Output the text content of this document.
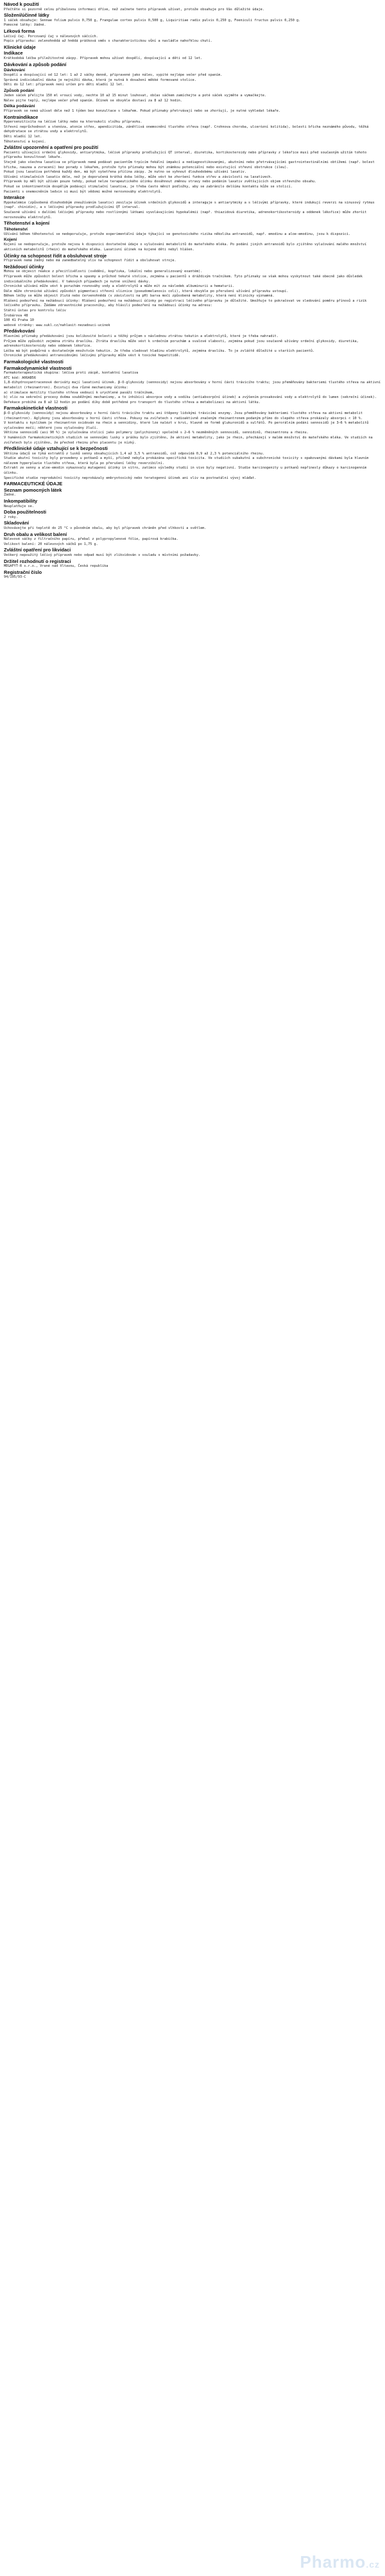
Návod k použití
Přečtěte si pozorně celou příbalovou informaci dříve, než začnete tento přípravek užívat, protože obsahuje pro Vás důležité údaje.
Složení/účinné látky
1 sáček obsahuje: Sennae folium pulvis 0,750 g, Frangulae cortex pulvis 0,500 g, Liquiritiae radix pulvis 0,250 g, Foeniculi fructus pulvis 0,250 g.
Pomocné látky: žádné.
Léková forma
Léčivý čaj. Porcovaný čaj v nálevových sáčcích.
Popis přípravku: zelenohnědá až hnědá prášková směs s charakteristickou vůní a nasládle nahořklou chutí.
Klinické údaje
Indikace
Krátkodobá léčba příležitostné zácpy. Přípravek mohou užívat dospělí, dospívající a děti od 12 let.
Dávkování a způsob podání
Dávkování
Dospělí a dospívající od 12 let: 1 až 2 sáčky denně, připravené jako nálev, vypité nejlépe večer před spaním.
Správná individuální dávka je nejnižší dávka, která je nutná k dosažení měkké formované stolice.
Děti do 12 let: přípravek není určen pro děti mladší 12 let.
Způsob podání
Jeden sáček přelijte 150 ml vroucí vody, nechte 10 až 15 minut louhovat, občas sáčkem zamíchejte a poté sáček vyjměte a vymačkejte.
Nálev pijte teplý, nejlépe večer před spaním. Účinek se obvykle dostaví za 8 až 12 hodin.
Délka podávání
Přípravek se nemá užívat déle než 1 týden bez konzultace s lékařem. Pokud příznaky přetrvávají nebo se zhoršují, je nutné vyhledat lékaře.
Kontraindikace
Hypersenzitivita na léčivé látky nebo na kteroukoli složku přípravku.
Střevní neprůchodnost a stenóza, atonie střev, apendicitida, zánětlivá onemocnění tlustého střeva (např. Crohnova choroba, ulcerózní kolitida), bolesti břicha neznámého původu, těžká dehydratace se ztrátou vody a elektrolytů.
Děti mladší 12 let.
Těhotenství a kojení.
Zvláštní upozornění a opatření pro použití
Pacienti užívající srdeční glykosidy, antiarytmika, léčivé přípravky prodlužující QT interval, diuretika, kortikosteroidy nebo přípravky z lékořice musí před současným užitím tohoto přípravku konzultovat lékaře.
Stejně jako všechna laxativa se přípravek nemá podávat pacientům trpícím fekální impakcí a nediagnostikovanými, akutními nebo přetrvávajícími gastrointestinálními obtížemi (např. bolest břicha, nauzea a zvracení) bez porady s lékařem, protože tyto příznaky mohou být známkou potenciální nebo existující střevní obstrukce (ileu).
Pokud jsou laxativa potřebná každý den, má být vyšetřena příčina zácpy. Je nutno se vyhnout dlouhodobému užívání laxativ.
Užívání stimulačních laxativ déle, než je doporučená krátká doba léčby, může vést ke zhoršení funkce střev a závislosti na laxativech.
Přípravek by měl být užíván pouze tehdy, pokud nelze terapeutického účinku dosáhnout změnou stravy nebo podáním laxativ zvětšujících objem střevního obsahu.
Pokud se inkontinentním dospělým podávají stimulační laxativa, je třeba často měnit podložky, aby se zabránilo delšímu kontaktu kůže se stolicí.
Pacienti s onemocněním ledvin si musí být vědomi možné nerovnováhy elektrolytů.
Interakce
Hypokalémie (způsobená dlouhodobým zneužíváním laxativ) zesiluje účinek srdečních glykosidů a interaguje s antiarytmiky a s léčivými přípravky, které indukují reverzi na sinusový rytmus (např. chinidin), a s léčivými přípravky prodlužujícími QT interval.
Současné užívání s dalšími léčivými přípravky nebo rostlinnými látkami vyvolávajícími hypokalémii (např. thiazidová diuretika, adrenokortikosteroidy a oddenek lékořice) může zhoršit nerovnováhu elektrolytů.
Těhotenství a kojení
Těhotenství
Užívání během těhotenství se nedoporučuje, protože experimentální údaje týkající se genotoxického rizika několika antranoidů, např. emodinu a aloe-emodinu, jsou k dispozici.
Kojení
Kojení se nedoporučuje, protože nejsou k dispozici dostatečné údaje o vylučování metabolitů do mateřského mléka. Po podání jiných antranoidů bylo zjištěno vylučování malého množství aktivních metabolitů (rhein) do mateřského mléka. Laxativní účinek na kojené děti nebyl hlášen.
Účinky na schopnost řídit a obsluhovat stroje
Přípravek nemá žádný nebo má zanedbatelný vliv na schopnost řídit a obsluhovat stroje.
Nežádoucí účinky
Mohou se objevit reakce z přecitlivělosti (svědění, kopřivka, lokální nebo generalizovaný exantém).
Přípravek může způsobit bolest břicha a spasmy a průchod tekuté stolice, zejména u pacientů s dráždivým tračníkem. Tyto příznaky se však mohou vyskytnout také obecně jako důsledek individuálního předávkování. V takových případech je nutné snížení dávky.
Chronické užívání může vést k poruchám rovnováhy vody a elektrolytů a může mít za následek albuminurii a hematurii.
Dále může chronické užívání způsobit pigmentaci střevní sliznice (pseudomelanosis coli), která obvykle po přerušení užívání přípravku ustoupí.
Během léčby se může objevit žlutá nebo červenohnědá (v závislosti na pH) barva moči způsobená metabolity, která není klinicky významná.
Hlášení podezření na nežádoucí účinky: Hlášení podezření na nežádoucí účinky po registraci léčivého přípravku je důležité. Umožňuje to pokračovat ve sledování poměru přínosů a rizik léčivého přípravku. Žádáme zdravotnické pracovníky, aby hlásili podezření na nežádoucí účinky na adresu:
Státní ústav pro kontrolu léčiv
Šrobárova 48
100 41 Praha 10
webové stránky: www.sukl.cz/nahlasit-nezadouci-ucinek
Předávkování
Hlavními příznaky předávkování jsou kolikovité bolesti a těžký průjem s následnou ztrátou tekutin a elektrolytů, které je třeba nahradit.
Průjem může způsobit zejména ztrátu draslíku. Ztráta draslíku může vést k srdečním poruchám a svalové slabosti, zejména pokud jsou současně užívány srdeční glykosidy, diuretika, adrenokortikosteroidy nebo oddenek lékořice.
Léčba má být podpůrná s dostatečným množstvím tekutin. Je třeba sledovat hladinu elektrolytů, zejména draslíku. To je zvláště důležité u starších pacientů.
Chronické předávkování antranoidovými léčivými přípravky může vést k toxické hepatitidě.
Farmakologické vlastnosti
Farmakodynamické vlastnosti
Farmakoterapeutická skupina: léčiva proti zácpě, kontaktní laxativa
ATC kód: A06AB56
1,8-dihydroxyantracenové deriváty mají laxativní účinek. β-O-glykosidy (sennosidy) nejsou absorbovány v horní části trávicího traktu; jsou přeměňovány bakteriemi tlustého střeva na aktivní metabolit (rheinantron). Existují dva různé mechanismy účinku:
a) stimulace motility tlustého střeva vedoucí k urychlené pasáži tráčníkem,
b) vliv na sekreční procesy dvěma souběžnými mechanismy, a to inhibicí absorpce vody a sodíku (antiabsorpční účinek) a zvýšením prosakování vody a elektrolytů do lumen (sekreční účinek).
Defekace probíhá za 8 až 12 hodin po podání díky době potřebné pro transport do tlustého střeva a metabolizaci na aktivní látku.
Farmakokinetické vlastnosti
β-O-glykosidy (sennosidy) nejsou absorbovány v horní části trávicího traktu ani štěpeny lidskými trávicími enzymy. Jsou přeměňovány bakteriemi tlustého střeva na aktivní metabolit (rheinantron). Aglykony jsou absorbovány v horní části střeva. Pokusy na zvířatech s radioaktivně značeným rheinantronem podaným přímo do slepého střeva prokázaly absorpci < 10 %.
V kontaktu s kyslíkem je rheinantron oxidován na rhein a sennidiny, které lze nalézt v krvi, hlavně ve formě glukuronidů a sulfátů. Po perorálním podání sennosidů je 3–6 % metabolitů vylučováno močí; některé jsou vylučovány žlučí.
Většina sennosidů (asi 90 %) je vylučována stolicí jako polymery (polychinony) společně s 2–6 % nezměněných sennosidů, sennidinů, rheinantronu a rheinu.
V humánních farmakokinetických studiích se sennovými lusky v prášku bylo zjištěno, že aktivní metabolity, jako je rhein, přecházejí v malém množství do mateřského mléka. Ve studiích na zvířatech bylo zjištěno, že přechod rheinu přes placentu je nízký.
Předklinické údaje vztahující se k bezpečnosti
Většina údajů se týká extraktů z lusků senny obsahujících 1,4 až 3,5 % antranoidů, což odpovídá 0,9 až 2,3 % potenciálního rheinu.
Studie akutní toxicity byly provedeny u potkanů a myší, přičemž nebyla prokázána specifická toxicita. Ve studiích subakutní a subchronické toxicity s opakovanými dávkami byla hlavním nálezem hyperplazie tlustého střeva, která byla po přerušení léčby reverzibilní.
Extrakt ze senny a aloe-emodin vykazovaly mutagenní účinky in vitro, zatímco výsledky studií in vivo byly negativní. Studie karcinogenity u potkanů nepřinesly důkazy o karcinogenním účinku.
Specifické studie reprodukční toxicity neprokázaly embryotoxický nebo teratogenní účinek ani vliv na postnatální vývoj mláďat.
FARMACEUTICKÉ ÚDAJE
Seznam pomocných látek
Žádné.
Inkompatibility
Neuplatňuje se.
Doba použitelnosti
2 roky.
Skladování
Uchovávejte při teplotě do 25 °C v původním obalu, aby byl přípravek chráněn před vlhkostí a světlem.
Druh obalu a velikost balení
Nálevové sáčky z filtračního papíru, přebal z polypropylenové fólie, papírová krabička.
Velikost balení: 20 nálevových sáčků po 1,75 g.
Zvláštní opatření pro likvidaci
Veškerý nepoužitý léčivý přípravek nebo odpad musí být zlikvidován v souladu s místními požadavky.
Držitel rozhodnutí o registraci
MEGAFYT-R s.r.o., Vrané nad Vltavou, Česká republika
Registrační číslo
94/195/93-C
Pharmo.cz
